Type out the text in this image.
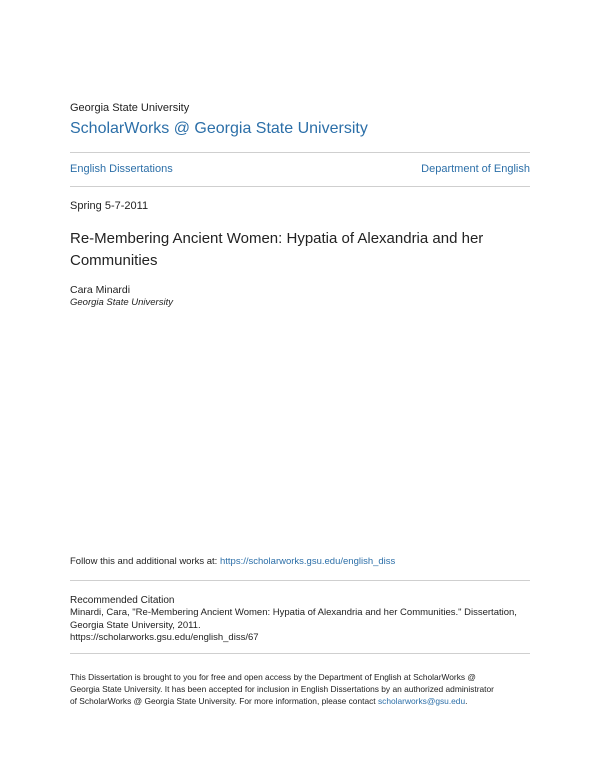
Georgia State University
ScholarWorks @ Georgia State University
English Dissertations	Department of English
Spring 5-7-2011
Re-Membering Ancient Women: Hypatia of Alexandria and her Communities
Cara Minardi
Georgia State University
Follow this and additional works at: https://scholarworks.gsu.edu/english_diss
Recommended Citation
Minardi, Cara, "Re-Membering Ancient Women: Hypatia of Alexandria and her Communities." Dissertation,
Georgia State University, 2011.
https://scholarworks.gsu.edu/english_diss/67
This Dissertation is brought to you for free and open access by the Department of English at ScholarWorks @
Georgia State University. It has been accepted for inclusion in English Dissertations by an authorized administrator
of ScholarWorks @ Georgia State University. For more information, please contact scholarworks@gsu.edu.
